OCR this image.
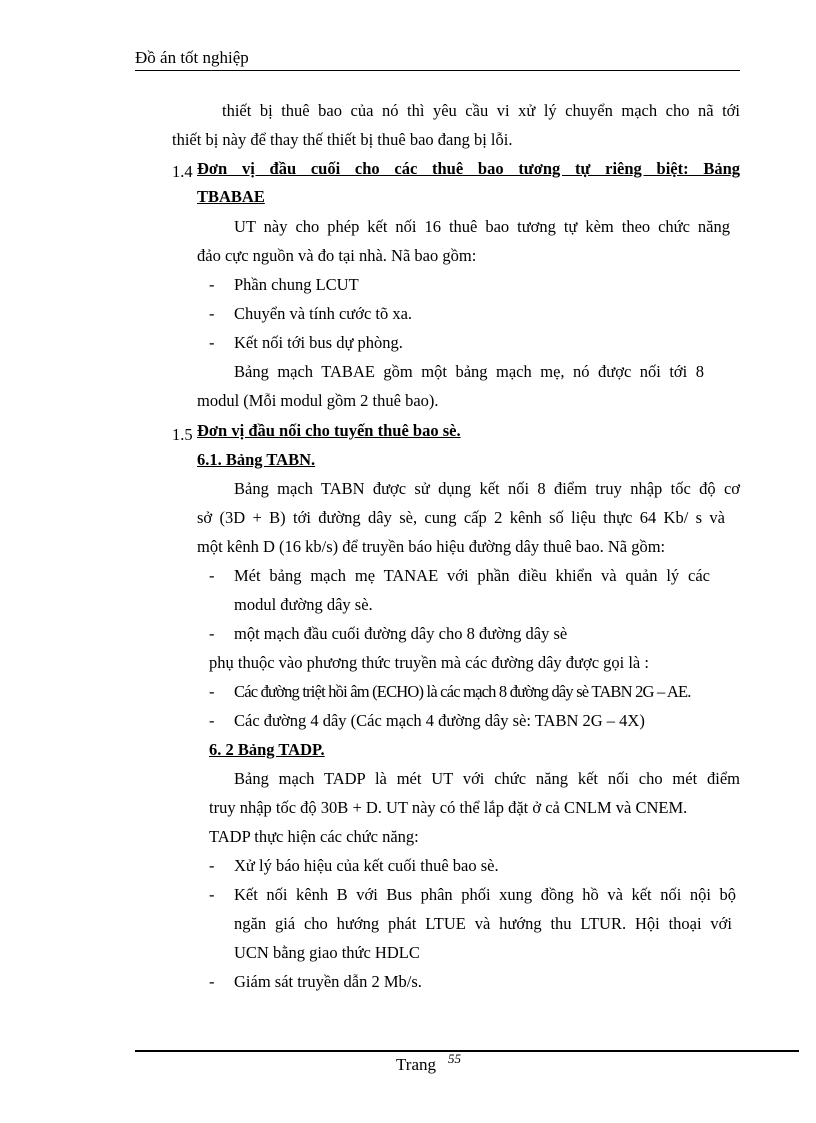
Đồ án tốt nghiệp
thiết bị thuê bao của nó thì yêu cầu vi xử lý chuyển mạch cho nã tới
thiết bị này để thay thế thiết bị thuê bao đang bị lỗi.
1.4 Đơn vị đầu cuối cho các thuê bao tương tự riêng biệt: Bảng
TBABAE
UT này cho phép kết nối 16 thuê bao tương tự kèm theo chức năng
đảo cực nguồn và đo tại nhà. Nã bao gồm:
-	Phần chung LCUT
-	Chuyển và tính cước tõ xa.
-	Kết nối tới bus dự phòng.
Bảng mạch TABAE gồm một bảng mạch mẹ, nó được nối tới 8
modul (Mỗi modul gồm 2 thuê bao).
1.5 Đơn vị đầu nối cho tuyến thuê bao sè.
6.1. Bảng TABN.
Bảng mạch TABN được sử dụng kết nối 8 điểm truy nhập tốc độ cơ
sở (3D + B) tới đường dây sè, cung cấp 2 kênh số liệu thực 64 Kb/ s và
một kênh D (16 kb/s) để truyền báo hiệu đường dây thuê bao. Nã gồm:
-	Mét bảng mạch mẹ TANAE với phần điều khiển và quản lý các
modul đường dây sè.
-	một mạch đầu cuối đường dây cho 8 đường dây sè
phụ thuộc vào phương thức truyền mà các đường dây được gọi là :
-	Các đường triệt hồi âm (ECHO) là các mạch 8 đường dây sè TABN 2G – AE.
-	Các đường 4 dây (Các mạch 4 đường dây sè: TABN 2G – 4X)
6. 2 Bảng TADP.
Bảng mạch TADP là mét UT với chức năng kết nối cho mét điểm
truy nhập tốc độ 30B + D. UT này có thể lắp đặt ở cả CNLM và CNEM.
TADP thực hiện các chức năng:
-	Xử lý báo hiệu của kết cuối thuê bao sè.
-	Kết nối kênh B với Bus phân phối xung đồng hồ và kết nối nội bộ
ngăn giá cho hướng phát LTUE và hướng thu LTUR. Hội thoại với
UCN bằng giao thức HDLC
-	Giám sát truyền dẫn 2 Mb/s.
Trang $^{55}$
